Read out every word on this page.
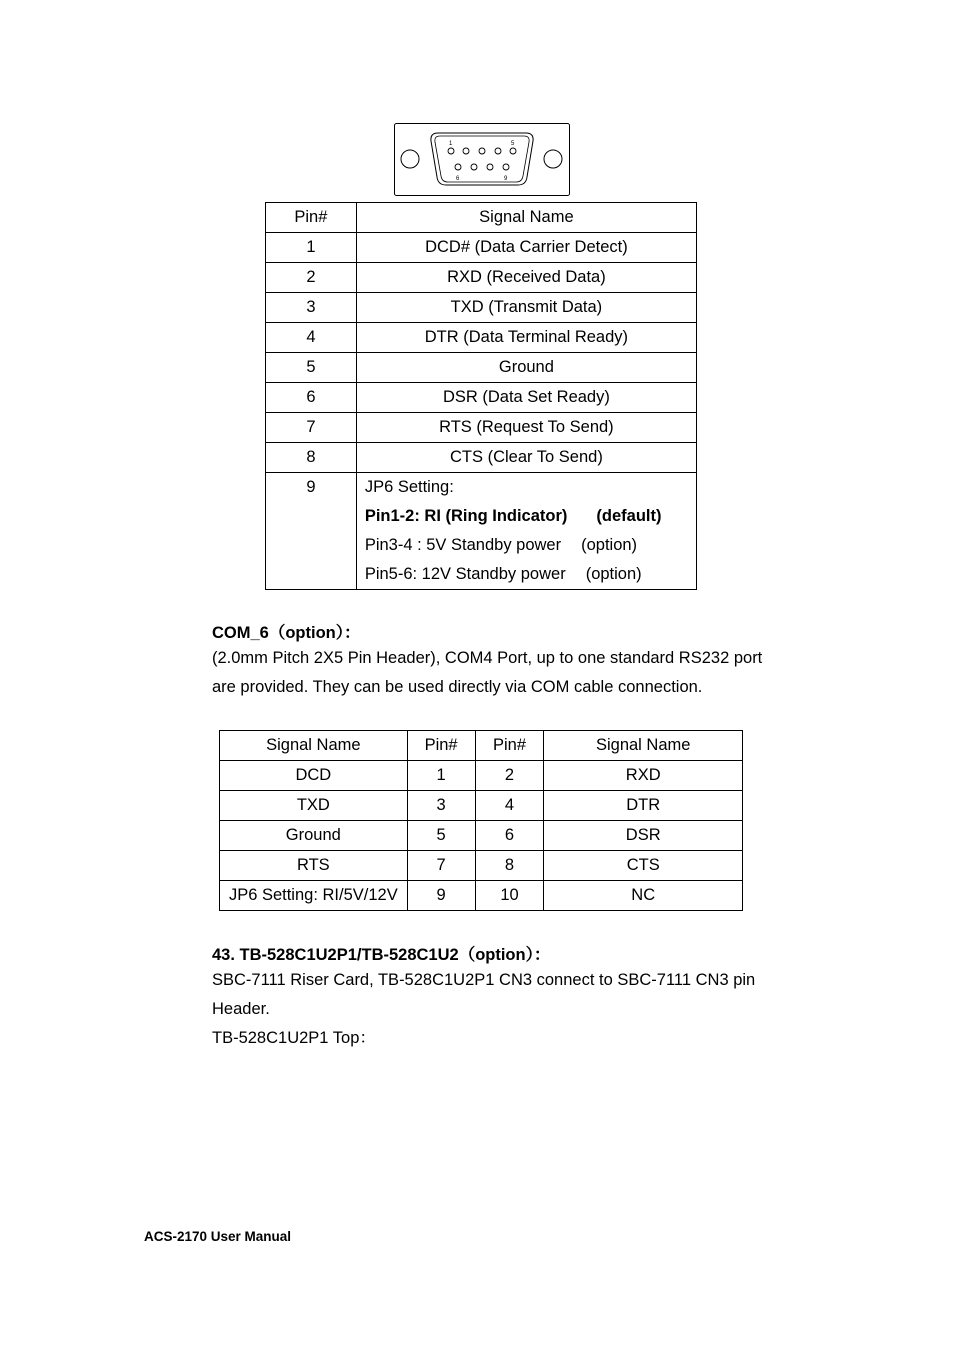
1	5
6	9
Pin#	Signal Name
1	DCD# (Data Carrier Detect)
2	RXD (Received Data)
3	TXD (Transmit Data)
4	DTR (Data Terminal Ready)
5	Ground
6	DSR (Data Set Ready)
7	RTS (Request To Send)
8	CTS (Clear To Send)
9	JP6 Setting:
Pin1-2: RI (Ring Indicator) (default)
Pin3-4 : 5V Standby power (option)
Pin5-6: 12V Standby power (option)
COM_6（option）：
(2.0mm Pitch 2X5 Pin Header), COM4 Port, up to one standard RS232 port
are provided. They can be used directly via COM cable connection.
Signal Name	Pin#	Pin#	Signal Name
DCD	1	2	RXD
TXD	3	4	DTR
Ground	5	6	DSR
RTS	7	8	CTS
JP6 Setting: RI/5V/12V	9	10	NC
43. TB-528C1U2P1/TB-528C1U2（option）：
SBC-7111 Riser Card, TB-528C1U2P1 CN3 connect to SBC-7111 CN3 pin
Header.
TB-528C1U2P1 Top：
ACS-2170 User Manual
